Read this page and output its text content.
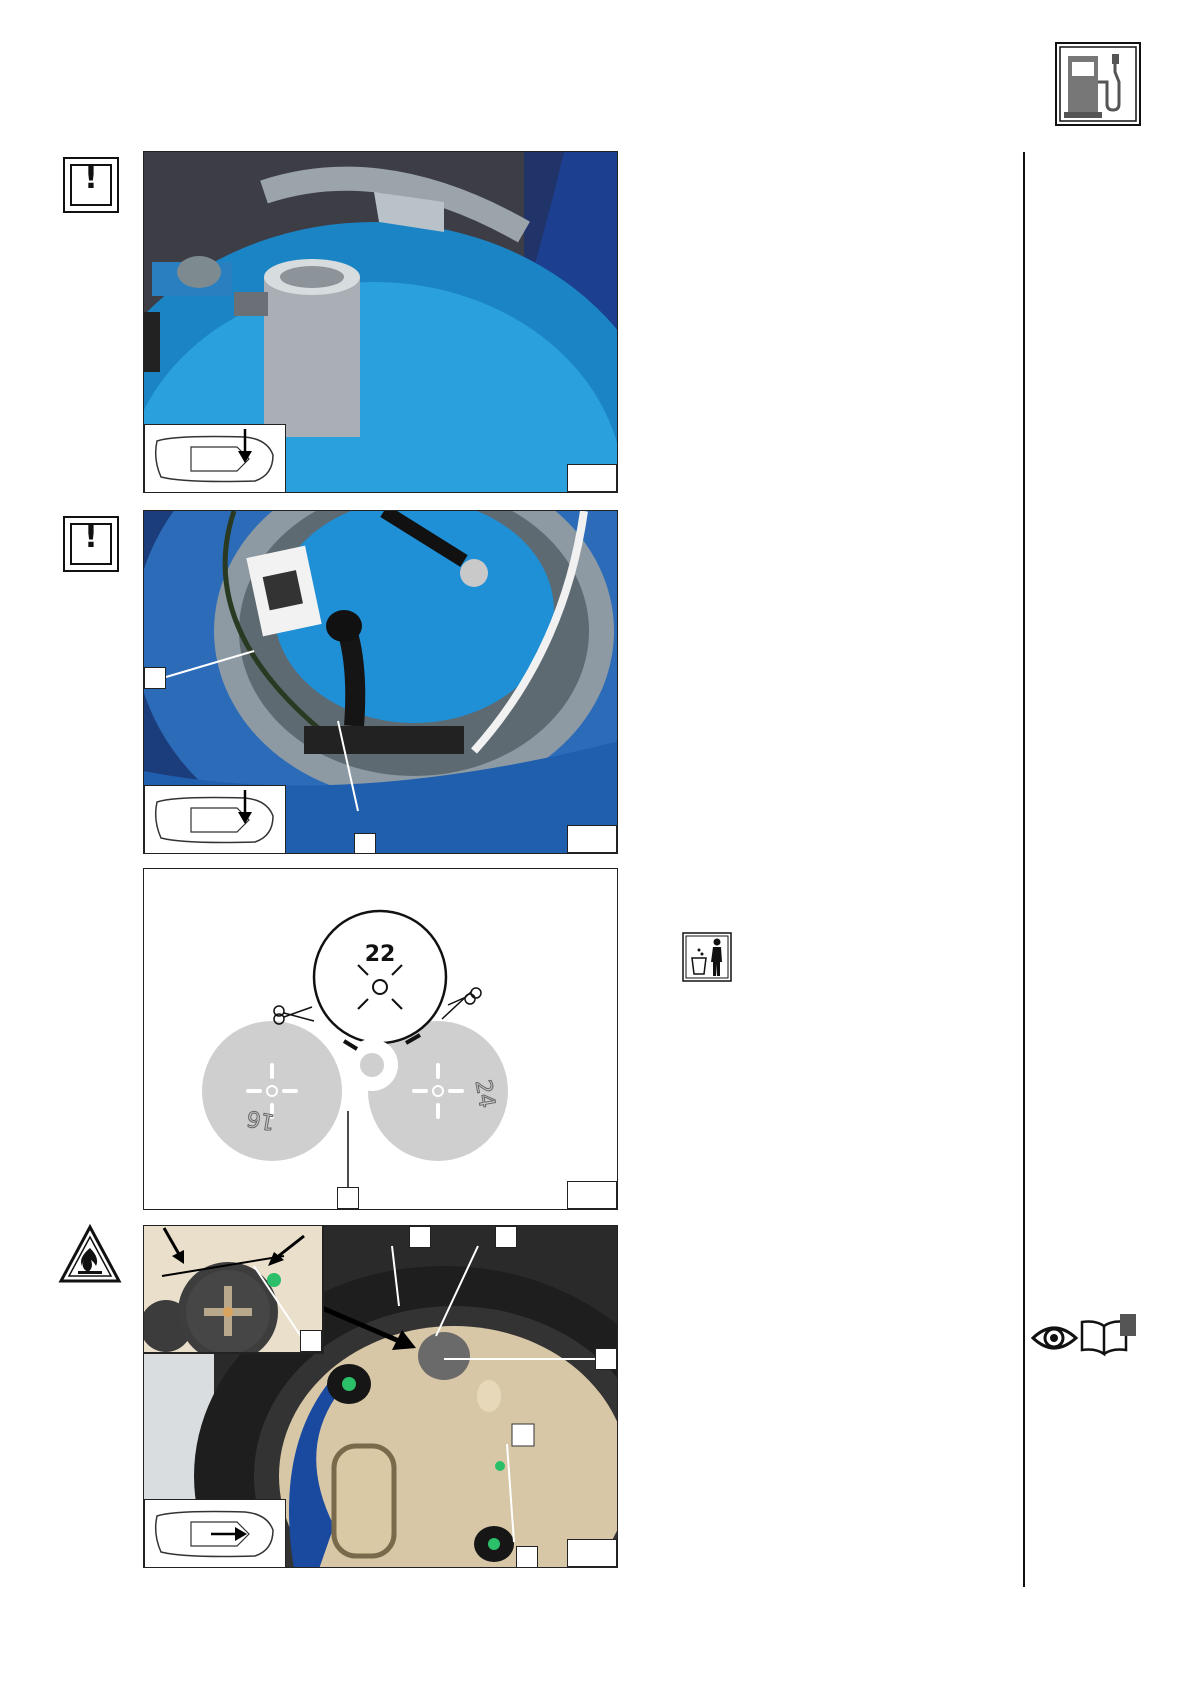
!
!
22
16
24
